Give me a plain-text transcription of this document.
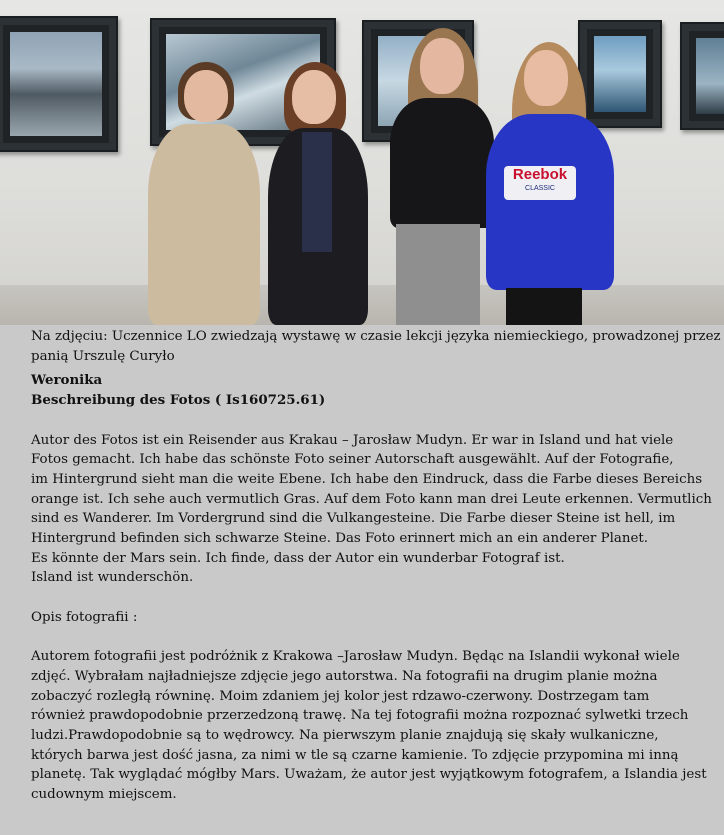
Reebok
CLASSIC

Na zdjęciu: Uczennice LO zwiedzają wystawę w czasie lekcji języka niemieckiego, prowadzonej przez panią Urszulę Curyło

Weronika

Beschreibung des Fotos ( Is160725.61)

Autor des Fotos ist ein Reisender aus Krakau – Jarosław Mudyn. Er war in Island und hat viele

Fotos gemacht. Ich habe das schönste Foto seiner Autorschaft ausgewählt. Auf der Fotografie,

im Hintergrund sieht man die weite Ebene. Ich habe den Eindruck, dass die Farbe dieses Bereichs

orange ist. Ich sehe auch vermutlich Gras. Auf dem Foto kann man drei Leute erkennen. Vermutlich

sind es Wanderer. Im Vordergrund sind die Vulkangesteine. Die Farbe dieser Steine ist hell, im

Hintergrund befinden sich schwarze Steine. Das Foto erinnert mich an ein anderer Planet.

Es könnte der Mars sein. Ich finde, dass der Autor ein wunderbar Fotograf ist.

Island ist wunderschön.

Opis fotografii :

Autorem fotografii jest podróżnik z Krakowa –Jarosław Mudyn. Będąc na Islandii wykonał wiele

zdjęć. Wybrałam najładniejsze zdjęcie jego autorstwa. Na fotografii na drugim planie można

zobaczyć rozległą równinę. Moim zdaniem jej kolor jest rdzawo-czerwony. Dostrzegam tam

również prawdopodobnie przerzedzoną trawę. Na tej fotografii można rozpoznać sylwetki trzech

ludzi.Prawdopodobnie są to wędrowcy. Na pierwszym planie znajdują się skały wulkaniczne,

których barwa jest dość jasna, za nimi w tle są czarne kamienie. To zdjęcie przypomina mi inną

planetę. Tak wyglądać mógłby Mars. Uważam, że autor jest wyjątkowym fotografem, a Islandia jest

cudownym miejscem.
